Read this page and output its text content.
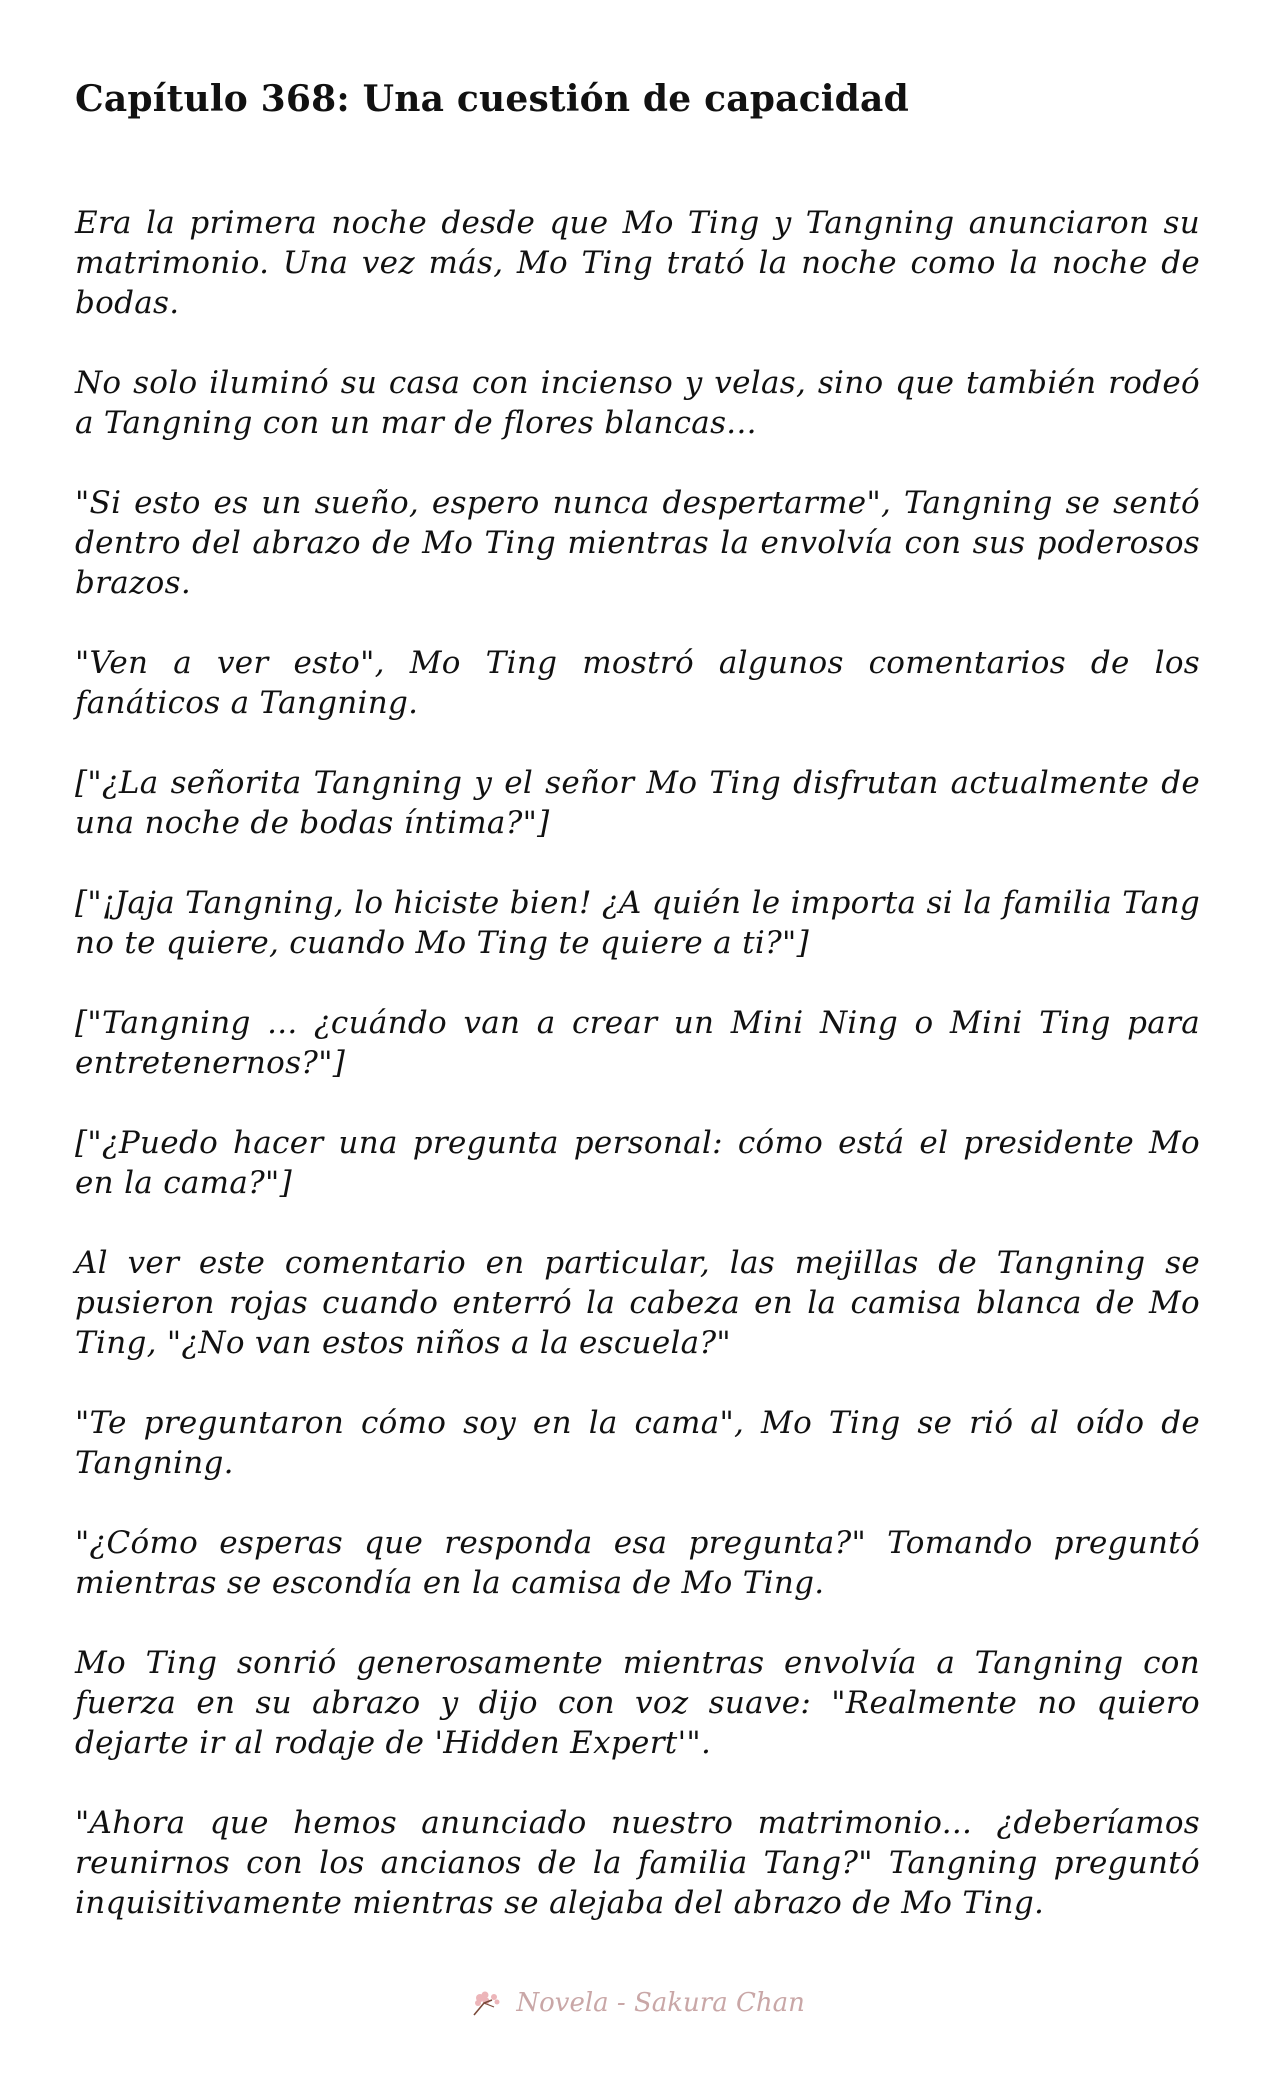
Capítulo 368: Una cuestión de capacidad

Era la primera noche desde que Mo Ting y Tangning anunciaron su matrimonio. Una vez más, Mo Ting trató la noche como la noche de bodas.

No solo iluminó su casa con incienso y velas, sino que también rodeó a Tangning con un mar de flores blancas...

"Si esto es un sueño, espero nunca despertarme", Tangning se sentó dentro del abrazo de Mo Ting mientras la envolvía con sus poderosos brazos.

"Ven a ver esto", Mo Ting mostró algunos comentarios de los fanáticos a Tangning.

["¿La señorita Tangning y el señor Mo Ting disfrutan actualmente de una noche de bodas íntima?"]

["¡Jaja Tangning, lo hiciste bien! ¿A quién le importa si la familia Tang no te quiere, cuando Mo Ting te quiere a ti?"]

["Tangning ... ¿cuándo van a crear un Mini Ning o Mini Ting para entretenernos?"]

["¿Puedo hacer una pregunta personal: cómo está el presidente Mo en la cama?"]

Al ver este comentario en particular, las mejillas de Tangning se pusieron rojas cuando enterró la cabeza en la camisa blanca de Mo Ting, "¿No van estos niños a la escuela?"

"Te preguntaron cómo soy en la cama", Mo Ting se rió al oído de Tangning.

"¿Cómo esperas que responda esa pregunta?" Tomando preguntó mientras se escondía en la camisa de Mo Ting.

Mo Ting sonrió generosamente mientras envolvía a Tangning con fuerza en su abrazo y dijo con voz suave: "Realmente no quiero dejarte ir al rodaje de 'Hidden Expert'".

"Ahora que hemos anunciado nuestro matrimonio... ¿deberíamos reunirnos con los ancianos de la familia Tang?" Tangning preguntó inquisitivamente mientras se alejaba del abrazo de Mo Ting.

Novela - Sakura Chan
